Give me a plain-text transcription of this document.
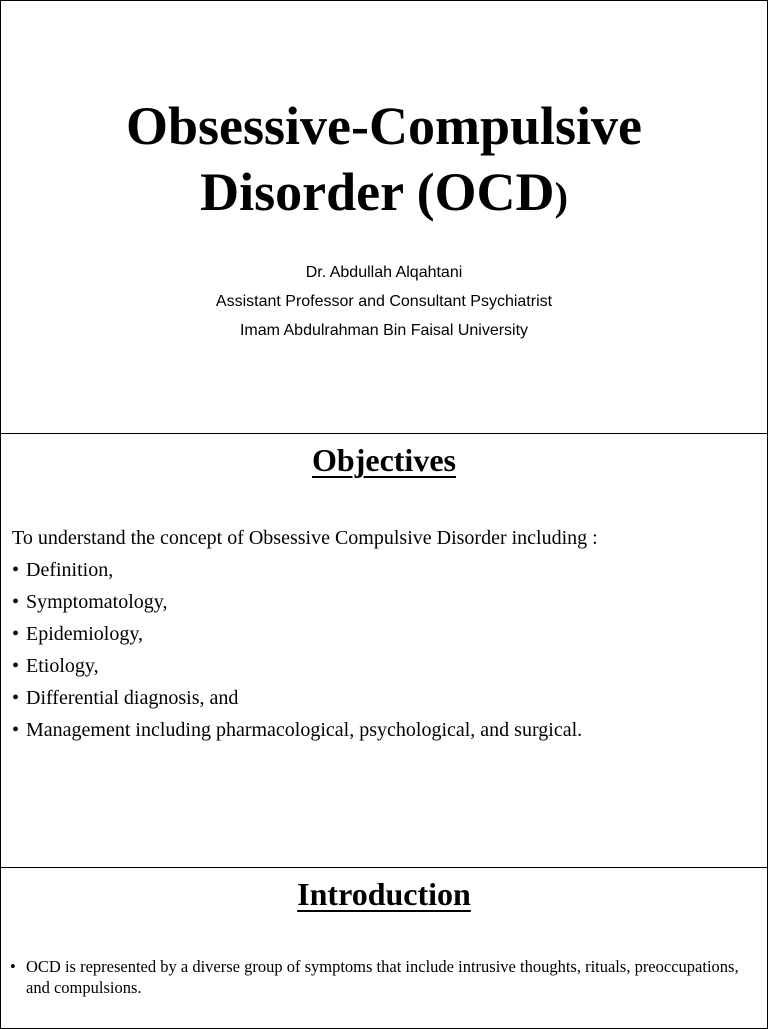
Obsessive-Compulsive
Disorder (OCD)
Dr. Abdullah Alqahtani
Assistant Professor and Consultant Psychiatrist
Imam Abdulrahman Bin Faisal University
Objectives

To understand the concept of Obsessive Compulsive Disorder including :

• Definition,
• Symptomatology,
• Epidemiology,
• Etiology,
• Differential diagnosis, and
• Management including pharmacological, psychological, and surgical.
Introduction
• OCD is represented by a diverse group of symptoms that include intrusive thoughts, rituals, preoccupations, and compulsions.
